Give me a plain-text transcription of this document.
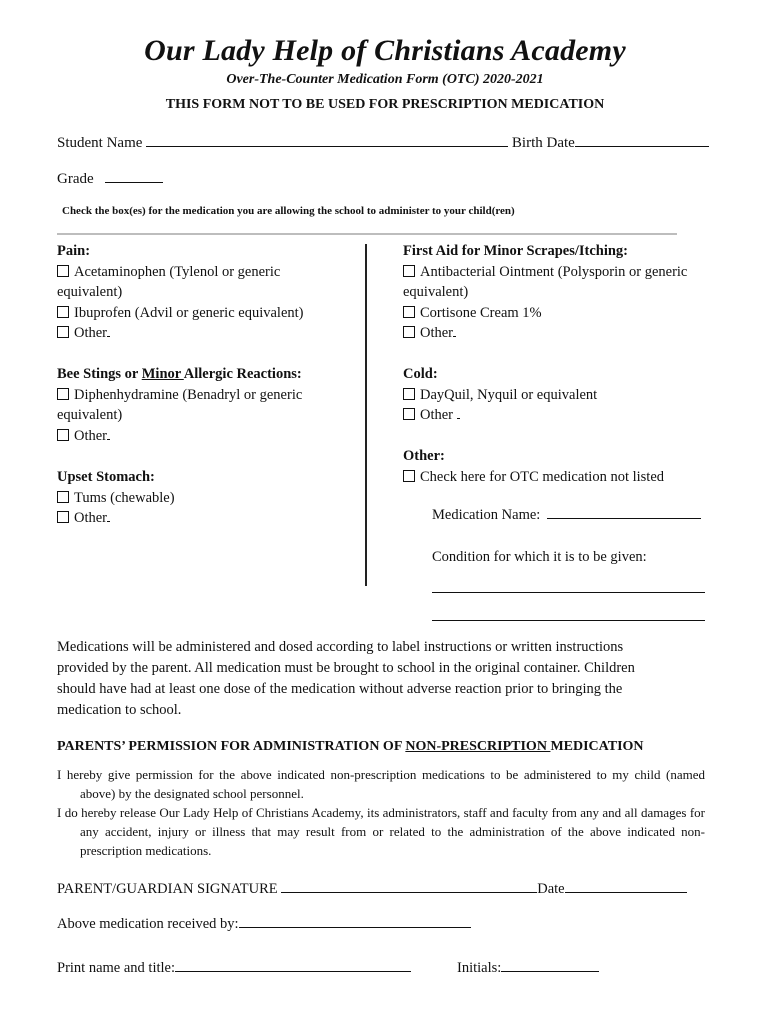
Our Lady Help of Christians Academy
Over-The-Counter Medication Form (OTC) 2020-2021
THIS FORM NOT TO BE USED FOR PRESCRIPTION MEDICATION
Student Name	Birth Date
Grade
Check the box(es) for the medication you are allowing the school to administer to your child(ren)
Pain:
Acetaminophen (Tylenol or generic
equivalent)
Ibuprofen (Advil or generic equivalent)
Other
Bee Stings or Minor Allergic Reactions:
Diphenhydramine (Benadryl or generic
equivalent)
Other
Upset Stomach:
Tums (chewable)
Other
First Aid for Minor Scrapes/Itching:
Antibacterial Ointment (Polysporin or generic
equivalent)
Cortisone Cream 1%
Other
Cold:
DayQuil, Nyquil or equivalent
Other
Other:
Check here for OTC medication not listed
Medication Name:
Condition for which it is to be given:
Medications will be administered and dosed according to label instructions or written instructions provided by the parent. All medication must be brought to school in the original container. Children should have had at least one dose of the medication without adverse reaction prior to bringing the medication to school.
PARENTS’ PERMISSION FOR ADMINISTRATION OF NON-PRESCRIPTION MEDICATION

I hereby give permission for the above indicated non-prescription medications to be administered to my child (named above) by the designated school personnel.

I do hereby release Our Lady Help of Christians Academy, its administrators, staff and faculty from any and all damages for any accident, injury or illness that may result from or related to the administration of the above indicated non- prescription medications.

PARENT/GUARDIAN SIGNATURE	Date
Above medication received by:
Print name and title:	Initials:
